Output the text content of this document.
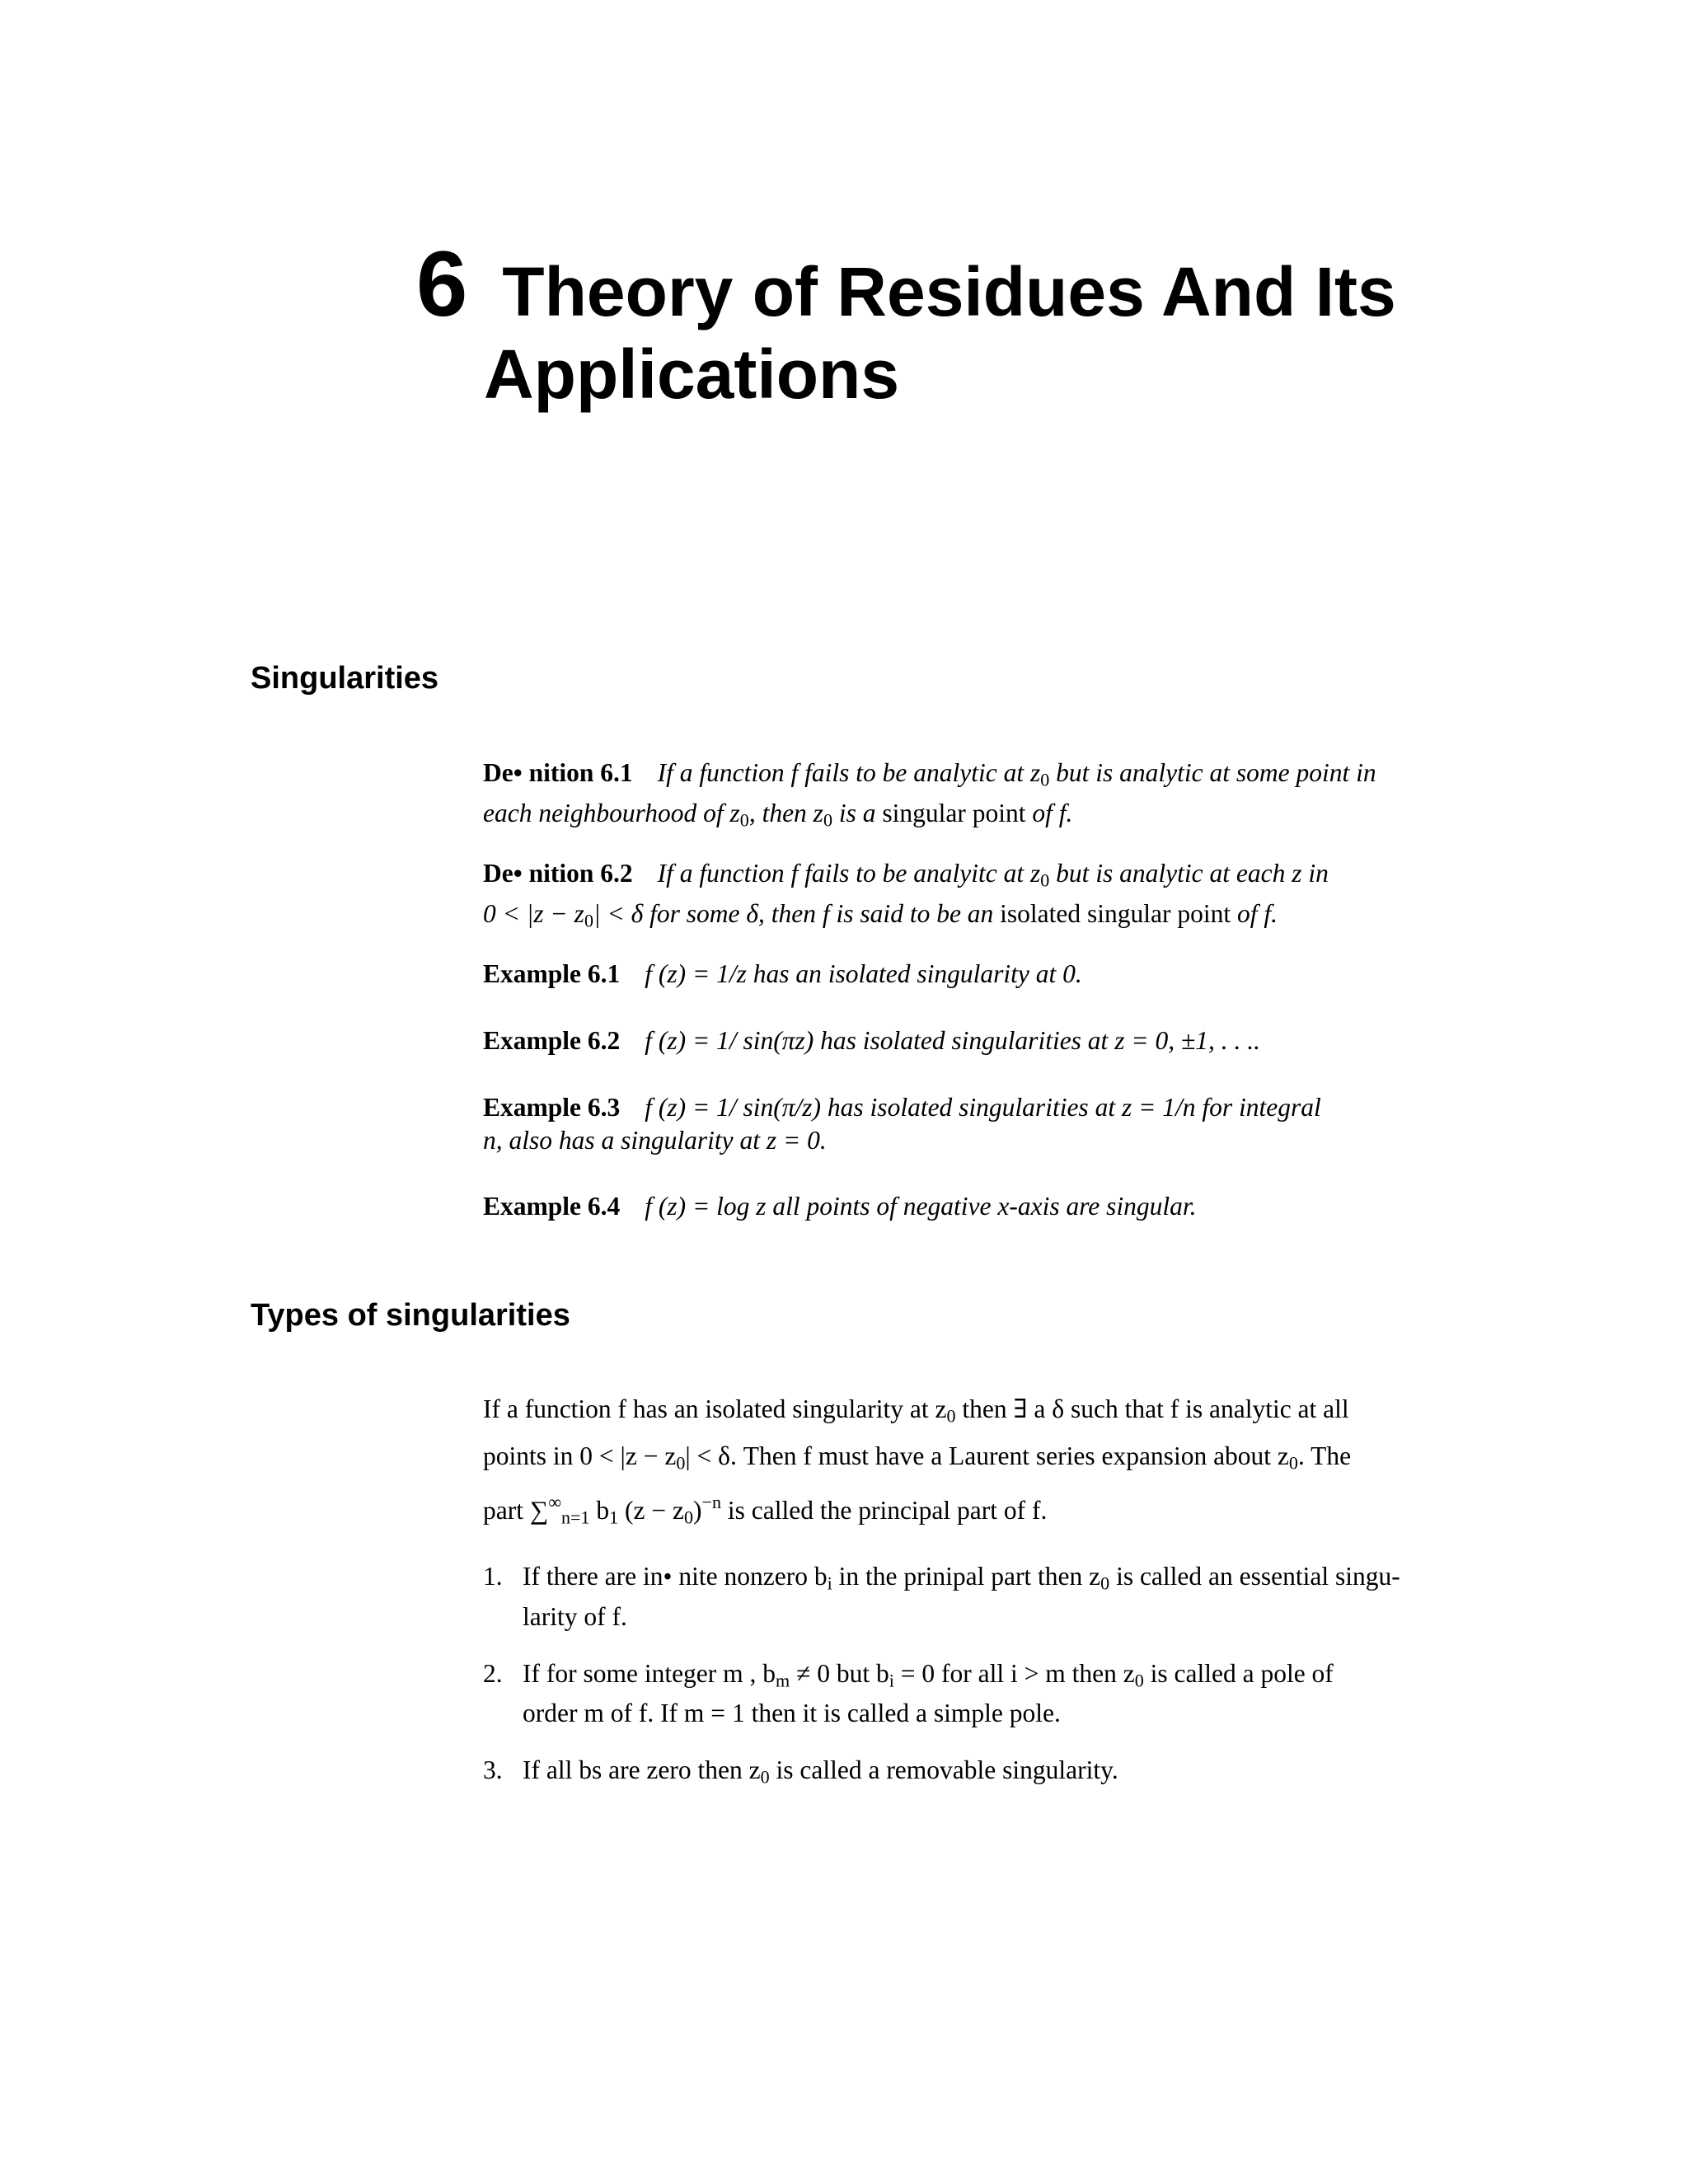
6 Theory of Residues And Its
Applications
Singularities

De• nition 6.1 If a function f fails to be analytic at $z_0$ but is analytic at some point in
each neighbourhood of $z_0$, then $z_0$ is a singular point of f.

De• nition 6.2 If a function f fails to be analyitc at $z_0$ but is analytic at each z in
$0 < |z - z_0| < \delta$ for some δ, then f is said to be an isolated singular point of f.

Example 6.1 f (z) = 1/z has an isolated singularity at 0.

Example 6.2 f (z) = 1/ sin(πz) has isolated singularities at z = 0, ±1, . . ..

Example 6.3 f (z) = 1/ sin(π/z) has isolated singularities at z = 1/n for integral
n, also has a singularity at z = 0.

Example 6.4 f (z) = log z all points of negative x-axis are singular.

Types of singularities

If a function f has an isolated singularity at $z_0$ then ∃ a δ such that f is analytic at all
points in $0 < |z - z_0| < \delta$. Then f must have a Laurent series expansion about $z_0$. The
part $\sum^\infty_{n=1}$ $b_1$ $(z - z_0)^{-n}$ is called the principal part of f.

1. If there are in• nite nonzero $b_i$ in the prinipal part then $z_0$ is called an essential singu-
larity of f.
2. If for some integer m , $b_m \ne 0$ but $b_i = 0$ for all i > m then $z_0$ is called a pole of
order m of f. If m = 1 then it is called a simple pole.
3. If all bs are zero then $z_0$ is called a removable singularity.
